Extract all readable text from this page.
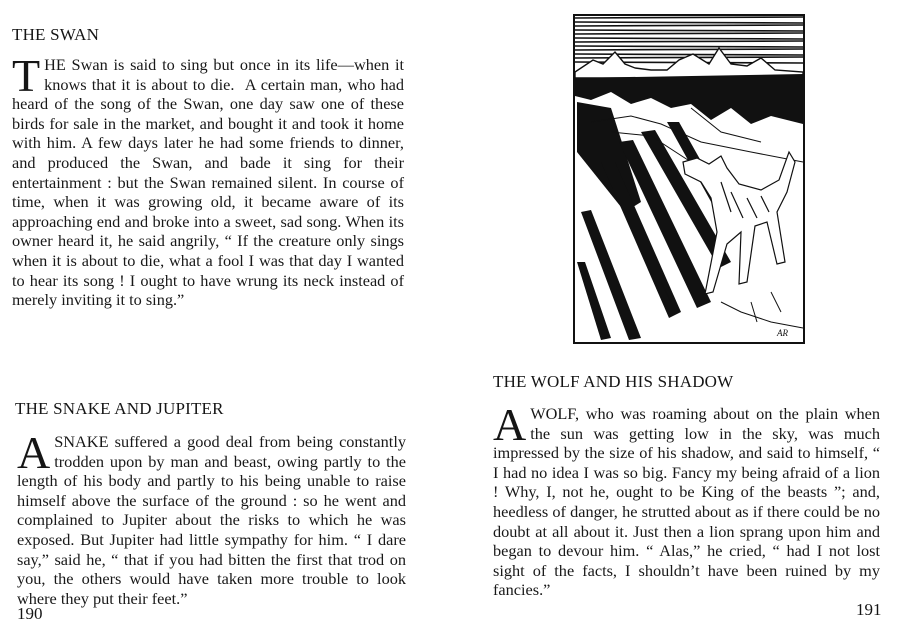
THE SWAN
THE Swan is said to sing but once in its life—when it knows that it is about to die. A certain man, who had heard of the song of the Swan, one day saw one of these birds for sale in the market, and bought it and took it home with him. A few days later he had some friends to dinner, and produced the Swan, and bade it sing for their entertainment : but the Swan remained silent. In course of time, when it was growing old, it became aware of its approaching end and broke into a sweet, sad song. When its owner heard it, he said angrily, “ If the creature only sings when it is about to die, what a fool I was that day I wanted to hear its song ! I ought to have wrung its neck instead of merely inviting it to sing.”
THE SNAKE AND JUPITER
ASNAKE suffered a good deal from being constantly trodden upon by man and beast, owing partly to the length of his body and partly to his being unable to raise himself above the surface of the ground : so he went and complained to Jupiter about the risks to which he was exposed. But Jupiter had little sympathy for him. “ I dare say,” said he, “ that if you had bitten the first that trod on you, the others would have taken more trouble to look where they put their feet.”
190
AR
THE WOLF AND HIS SHADOW
AWOLF, who was roaming about on the plain when the sun was getting low in the sky, was much impressed by the size of his shadow, and said to himself, “ I had no idea I was so big. Fancy my being afraid of a lion ! Why, I, not he, ought to be King of the beasts ”; and, heedless of danger, he strutted about as if there could be no doubt at all about it. Just then a lion sprang upon him and began to devour him. “ Alas,” he cried, “ had I not lost sight of the facts, I shouldn’t have been ruined by my fancies.”
191
